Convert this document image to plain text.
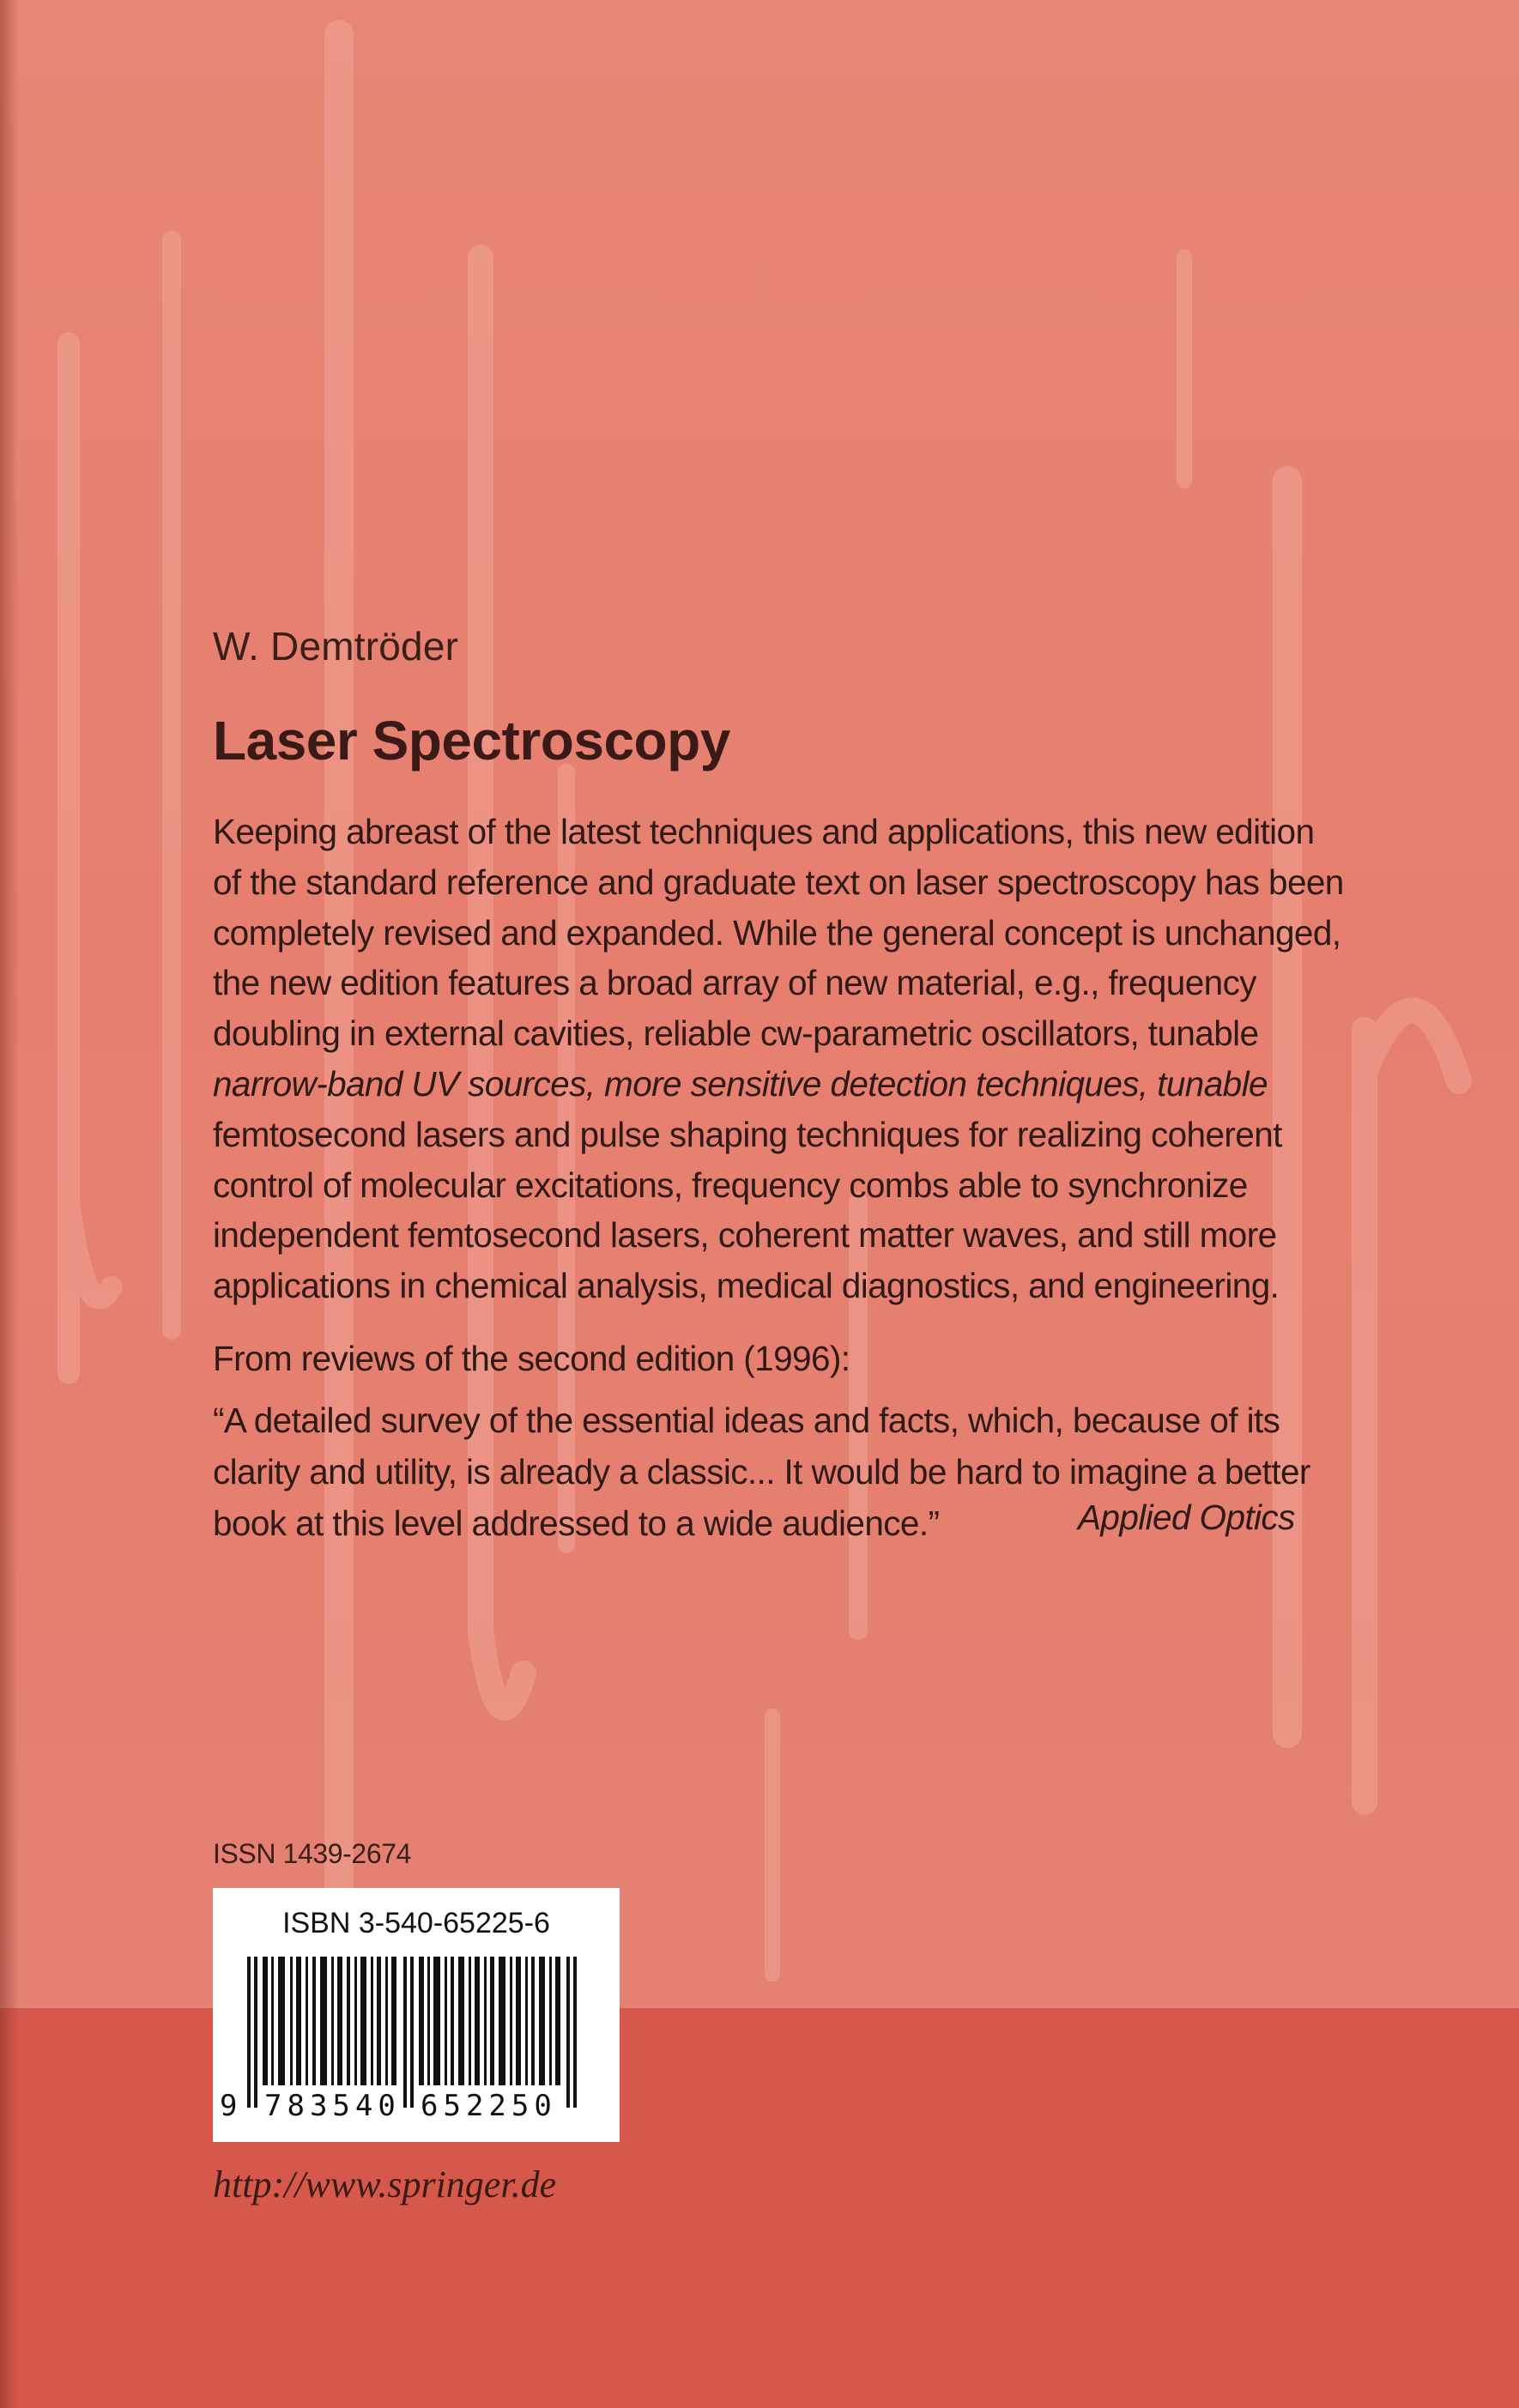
W. Demtröder
Laser Spectroscopy
Keeping abreast of the latest techniques and applications, this new edition
of the standard reference and graduate text on laser spectroscopy has been
completely revised and expanded. While the general concept is unchanged,
the new edition features a broad array of new material, e.g., frequency
doubling in external cavities, reliable cw-parametric oscillators, tunable
narrow-band UV sources, more sensitive detection techniques, tunable
femtosecond lasers and pulse shaping techniques for realizing coherent
control of molecular excitations, frequency combs able to synchronize
independent femtosecond lasers, coherent matter waves, and still more
applications in chemical analysis, medical diagnostics, and engineering.
From reviews of the second edition (1996):
“A detailed survey of the essential ideas and facts, which, because of its
clarity and utility, is already a classic... It would be hard to imagine a better
book at this level addressed to a wide audience.”	Applied Optics
ISSN 1439-2674
ISBN 3-540-65225-6
9 783540 652250
http://www.springer.de
